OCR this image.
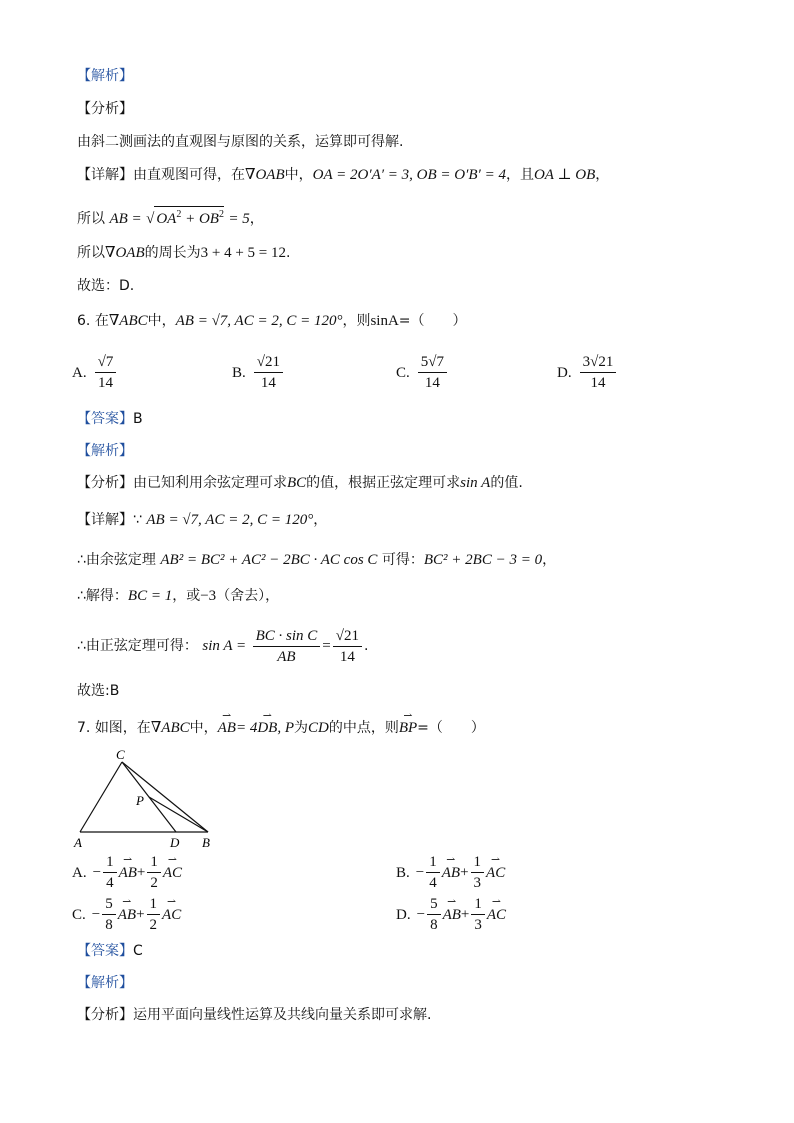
【解析】
【分析】
由斜二测画法的直观图与原图的关系，运算即可得解.
【详解】由直观图可得，在∇OAB中，OA = 2O′A′ = 3, OB = O′B′ = 4，且OA ⊥ OB，
所以 AB = √ $OA^2 + OB^2 = 5$，
所以∇OAB的周长为3 + 4 + 5 = 12.
故选：D.
6. 在∇ABC中，AB = √7, AC = 2, C = 120°，则sinA=（　　）
A. $\frac{√7}{14}$	B. $\frac{√21}{14}$	C. $\frac{5√7}{14}$	D. $\frac{3√21}{14}$
【答案】B
【解析】
【分析】由已知利用余弦定理可求BC的值，根据正弦定理可求sin A的值.
【详解】∵ AB = √7, AC = 2, C = 120°，
∴由余弦定理 AB² = BC² + AC² − 2BC · AC cos C 可得：BC² + 2BC − 3 = 0，
∴解得：BC = 1，或−3（舍去），
∴由正弦定理可得： $\sin A = \frac{\text{BC · sin C}}{AB} = \frac{√21}{14}$ .
故选:B
7. 如图，在∇ABC中，⇀ AB= 4⇀ DB, P为CD的中点，则⇀ BP=（　　）
C
P
A	D B
A. − $\frac{1}{4}$ ⇀ $AB+ \frac{1}{2}$ ⇀ AC	B. − $\frac{1}{4}$ ⇀ $AB+ \frac{1}{3}$ ⇀ AC
C. − $\frac{5}{8}$ ⇀ $AB+ \frac{1}{2}$ ⇀ AC	D. − $\frac{5}{8}$ ⇀ $AB+ \frac{1}{3}$ ⇀ AC
【答案】C
【解析】
【分析】运用平面向量线性运算及共线向量关系即可求解.
